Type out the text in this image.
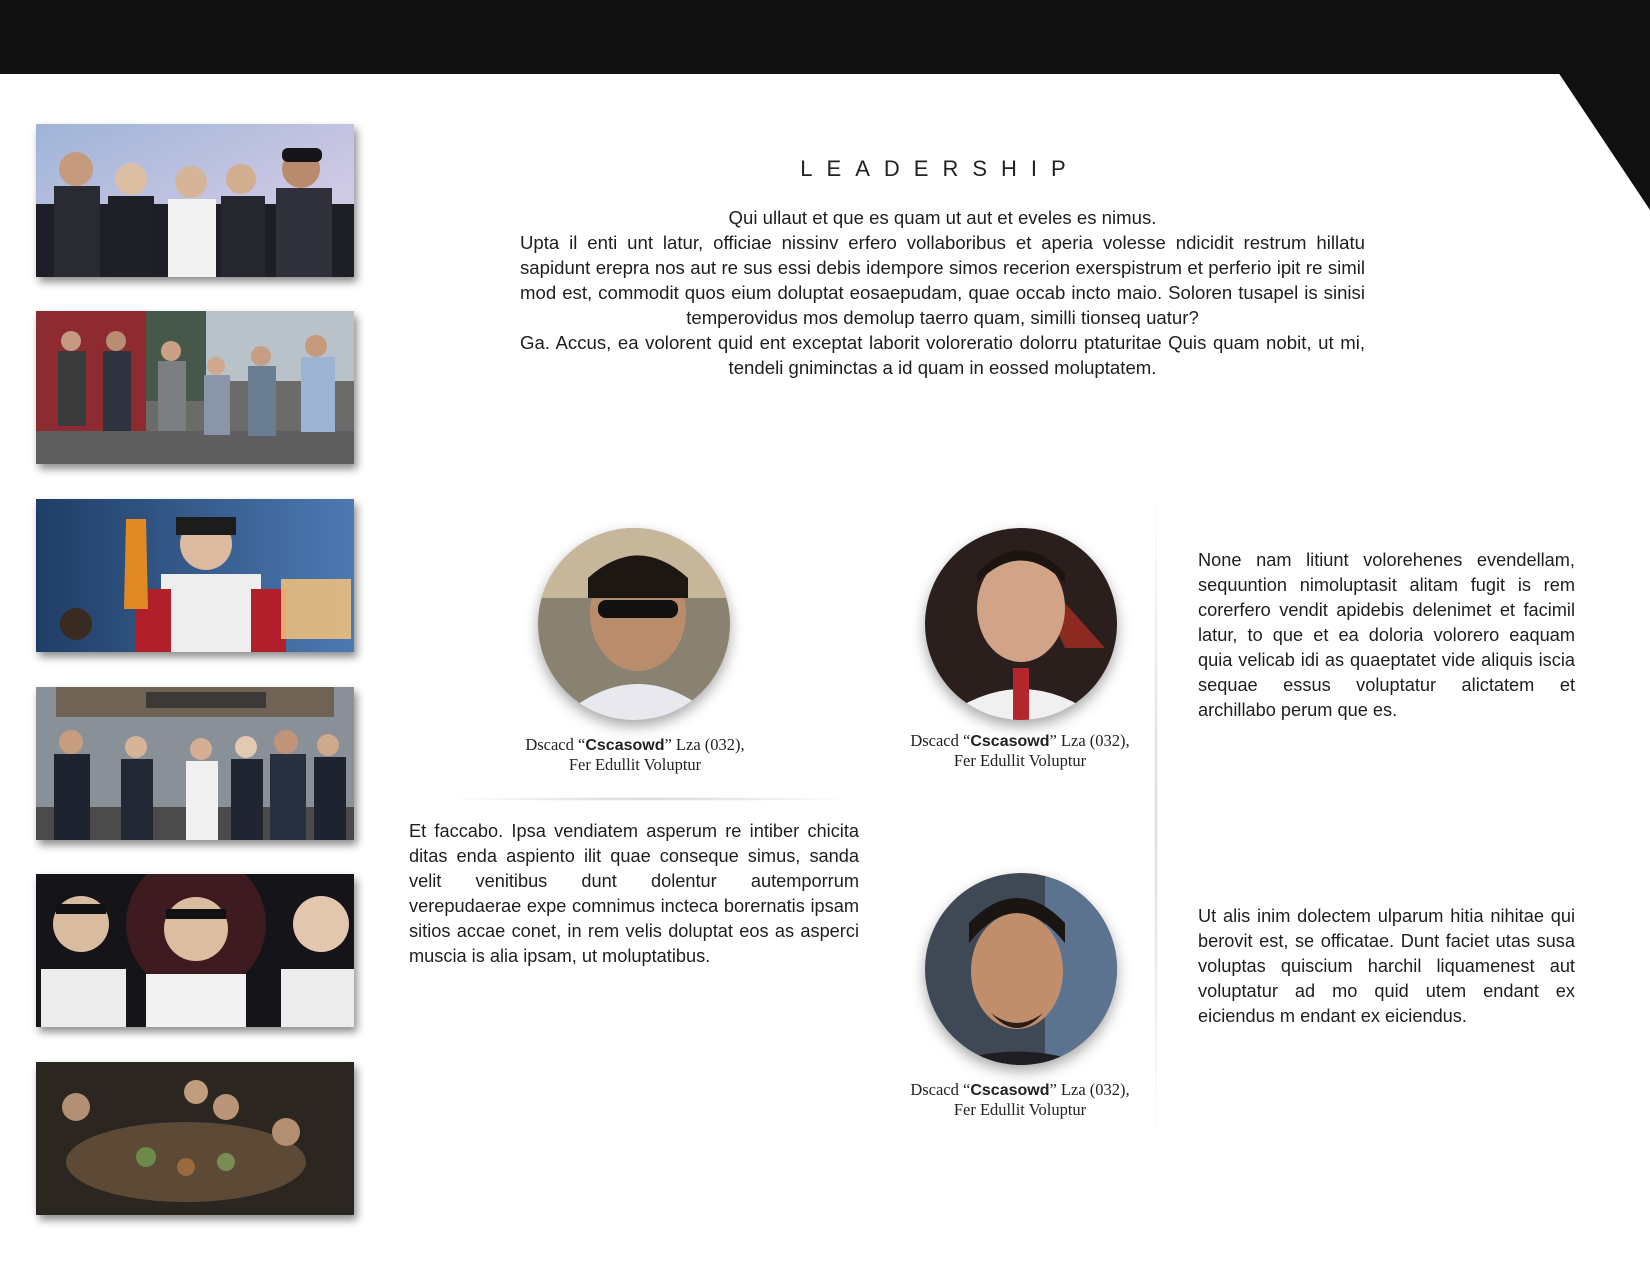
LEADERSHIP

Qui ullaut et que es quam ut aut et eveles es nimus.

Upta il enti unt latur, officiae nissinv erfero vollaboribus et aperia volesse ndicidit restrum hillatu sapidunt erepra nos aut re sus essi debis idempore simos recerion exerspistrum et perferio ipit re simil mod est, commodit quos eium doluptat eosaepudam, quae occab incto maio. Soloren tusapel is sinisi temperovidus mos demolup taerro quam, similli tionseq uatur?

Ga. Accus, ea volorent quid ent exceptat laborit voloreratio dolorru ptaturitae Quis quam nobit, ut mi, tendeli gniminctas a id quam in eossed moluptatem.

Dscacd “Cscasowd” Lza (032),
Fer Edullit Voluptur
Et faccabo. Ipsa vendiatem asperum re intiber chicita ditas enda aspiento ilit quae conseque simus, sanda velit venitibus dunt dolentur autemporrum verepudaerae expe comnimus incteca borernatis ipsam sitios accae conet, in rem velis doluptat eos as asperci muscia is alia ipsam, ut moluptatibus.
Dscacd “Cscasowd” Lza (032),
Fer Edullit Voluptur
None nam litiunt volorehenes evendellam, sequuntion nimoluptasit alitam fugit is rem corerfero vendit apidebis delenimet et facimil latur, to que et ea doloria volorero eaquam quia velicab idi as quaeptatet vide aliquis iscia sequae essus voluptatur alictatem et archillabo perum que es.
Dscacd “Cscasowd” Lza (032),
Fer Edullit Voluptur
Ut alis inim dolectem ulparum hitia nihitae qui berovit est, se officatae. Dunt faciet utas susa voluptas quiscium harchil liquamenest aut voluptatur ad mo quid utem endant ex eiciendus m endant ex eiciendus.
